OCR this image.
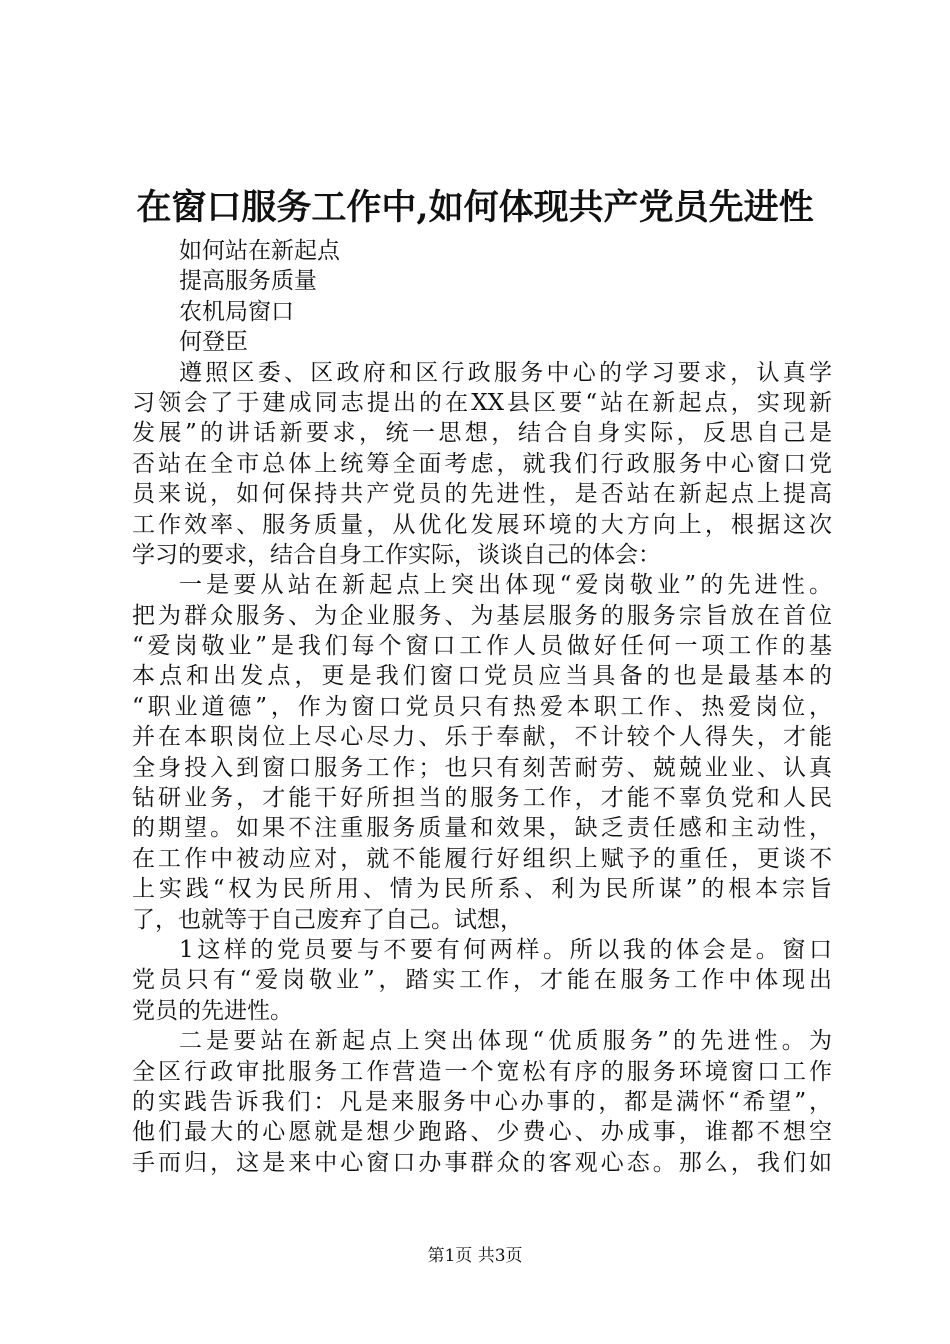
在窗口服务工作中,如何体现共产党员先进性
如何站在新起点
提高服务质量
农机局窗口
何登臣
遵照区委、区政府和区行政服务中心的学习要求，认真学
习领会了于建成同志提出的在XX县区要“站在新起点，实现新
发展”的讲话新要求，统一思想，结合自身实际，反思自己是
否站在全市总体上统筹全面考虑，就我们行政服务中心窗口党
员来说，如何保持共产党员的先进性，是否站在新起点上提高
工作效率、服务质量，从优化发展环境的大方向上，根据这次
学习的要求，结合自身工作实际，谈谈自己的体会：
一是要从站在新起点上突出体现“爱岗敬业”的先进性。
把为群众服务、为企业服务、为基层服务的服务宗旨放在首位
“爱岗敬业”是我们每个窗口工作人员做好任何一项工作的基
本点和出发点，更是我们窗口党员应当具备的也是最基本的
“职业道德”，作为窗口党员只有热爱本职工作、热爱岗位，
并在本职岗位上尽心尽力、乐于奉献，不计较个人得失，才能
全身投入到窗口服务工作；也只有刻苦耐劳、兢兢业业、认真
钻研业务，才能干好所担当的服务工作，才能不辜负党和人民
的期望。如果不注重服务质量和效果，缺乏责任感和主动性，
在工作中被动应对，就不能履行好组织上赋予的重任，更谈不
上实践“权为民所用、情为民所系、利为民所谋”的根本宗旨
了，也就等于自己废弃了自己。试想，
1这样的党员要与不要有何两样。所以我的体会是。窗口
党员只有“爱岗敬业”，踏实工作，才能在服务工作中体现出
党员的先进性。
二是要站在新起点上突出体现“优质服务”的先进性。为
全区行政审批服务工作营造一个宽松有序的服务环境窗口工作
的实践告诉我们：凡是来服务中心办事的，都是满怀“希望”，
他们最大的心愿就是想少跑路、少费心、办成事，谁都不想空
手而归，这是来中心窗口办事群众的客观心态。那么，我们如
第1页 共3页
